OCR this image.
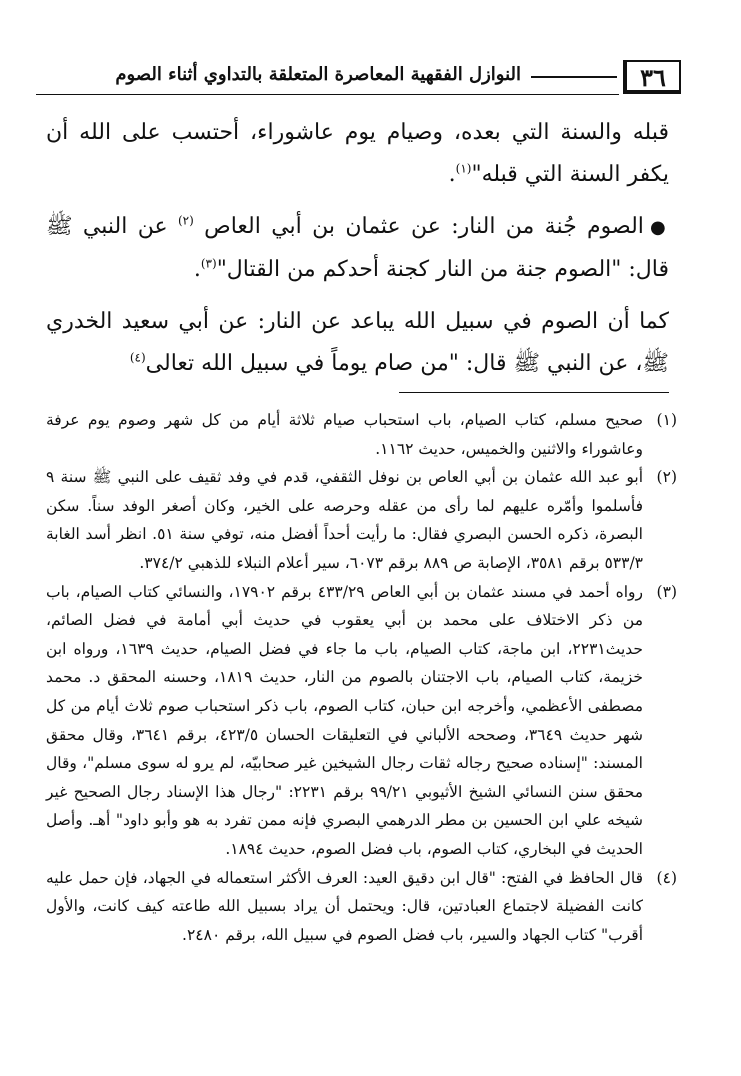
٣٦
النوازل الفقهية المعاصرة المتعلقة بالتداوي أثناء الصوم

قبله والسنة التي بعده، وصيام يوم عاشوراء، أحتسب على الله أن يكفر السنة التي قبله"$^{(١)}$.

●الصوم جُنة من النار: عن عثمان بن أبي العاص $^{(٢)}$ عن النبي ﷺ قال: "الصوم جنة من النار كجنة أحدكم من القتال"$^{(٣)}$.

كما أن الصوم في سبيل الله يباعد عن النار: عن أبي سعيد الخدري ﷺ، عن النبي ﷺ قال: "من صام يوماً في سبيل الله تعالى$^{(٤)}$

(١)
صحيح مسلم، كتاب الصيام، باب استحباب صيام ثلاثة أيام من كل شهر وصوم يوم عرفة وعاشوراء والاثنين والخميس، حديث ١١٦٢.
(٢)
أبو عبد الله عثمان بن أبي العاص بن نوفل الثقفي، قدم في وفد ثقيف على النبي ﷺ سنة ٩ فأسلموا وأمّره عليهم لما رأى من عقله وحرصه على الخير، وكان أصغر الوفد سناً. سكن البصرة، ذكره الحسن البصري فقال: ما رأيت أحداً أفضل منه، توفي سنة ٥١. انظر أسد الغابة ٥٣٣/٣ برقم ٣٥٨١، الإصابة ص ٨٨٩ برقم ٦٠٧٣، سير أعلام النبلاء للذهبي ٣٧٤/٢.
(٣)
رواه أحمد في مسند عثمان بن أبي العاص ٤٣٣/٢٩ برقم ١٧٩٠٢، والنسائي كتاب الصيام، باب من ذكر الاختلاف على محمد بن أبي يعقوب في حديث أبي أمامة في فضل الصائم، حديث٢٢٣١، ابن ماجة، كتاب الصيام، باب ما جاء في فضل الصيام، حديث ١٦٣٩، ورواه ابن خزيمة، كتاب الصيام، باب الاجتنان بالصوم من النار، حديث ١٨١٩، وحسنه المحقق د. محمد مصطفى الأعظمي، وأخرجه ابن حبان، كتاب الصوم، باب ذكر استحباب صوم ثلاث أيام من كل شهر حديث ٣٦٤٩، وصححه الألباني في التعليقات الحسان ٤٢٣/٥، برقم ٣٦٤١، وقال محقق المسند: "إسناده صحيح رجاله ثقات رجال الشيخين غير صحابيّه، لم يرو له سوى مسلم"، وقال محقق سنن النسائي الشيخ الأثيوبي ٩٩/٢١ برقم ٢٢٣١: "رجال هذا الإسناد رجال الصحيح غير شيخه علي ابن الحسين بن مطر الدرهمي البصري فإنه ممن تفرد به هو وأبو داود" أهـ. وأصل الحديث في البخاري، كتاب الصوم، باب فضل الصوم، حديث ١٨٩٤.
(٤)
قال الحافظ في الفتح: "قال ابن دقيق العيد: العرف الأكثر استعماله في الجهاد، فإن حمل عليه كانت الفضيلة لاجتماع العبادتين، قال: ويحتمل أن يراد بسبيل الله طاعته كيف كانت، والأول أقرب" كتاب الجهاد والسير، باب فضل الصوم في سبيل الله، برقم ٢٤٨٠.
